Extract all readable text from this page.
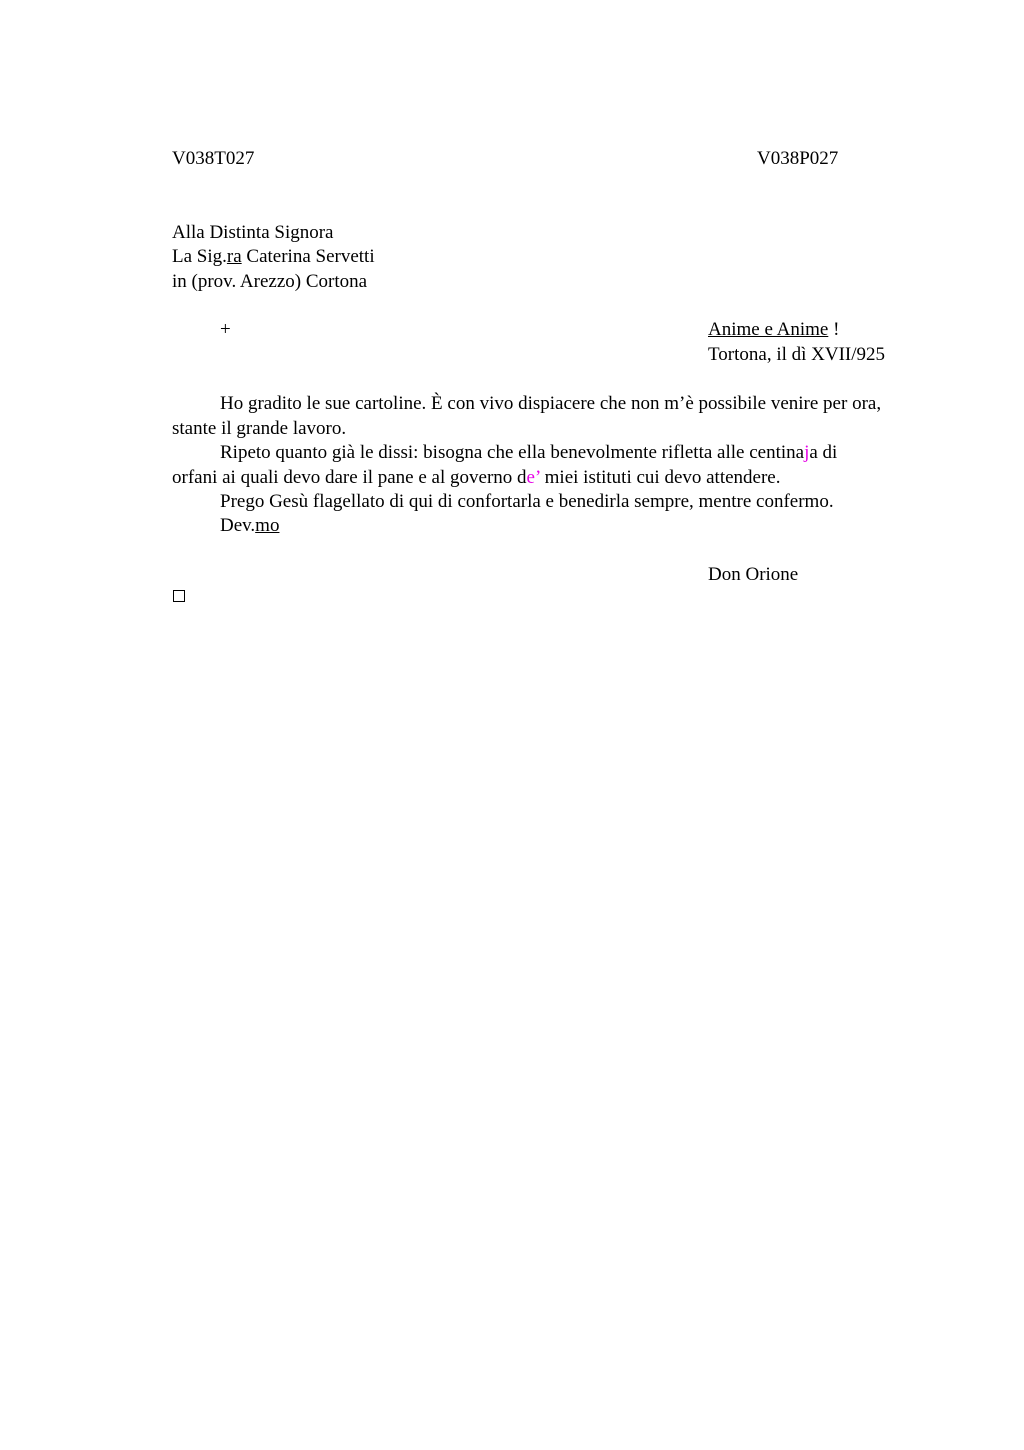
V038T027	V038P027
Alla Distinta Signora
La Sig.ra Caterina Servetti
in (prov. Arezzo) Cortona
+	Anime e Anime !
Tortona, il dì XVII/925
Ho gradito le sue cartoline. È con vivo dispiacere che non m’è possibile venire per ora, stante il grande lavoro.
Ripeto quanto già le dissi: bisogna che ella benevolmente rifletta alle centinaja di orfani ai quali devo dare il pane e al governo de’ miei istituti cui devo attendere.
Prego Gesù flagellato di qui di confortarla e benedirla sempre, mentre confermo.
Dev.mo
Don Orione
